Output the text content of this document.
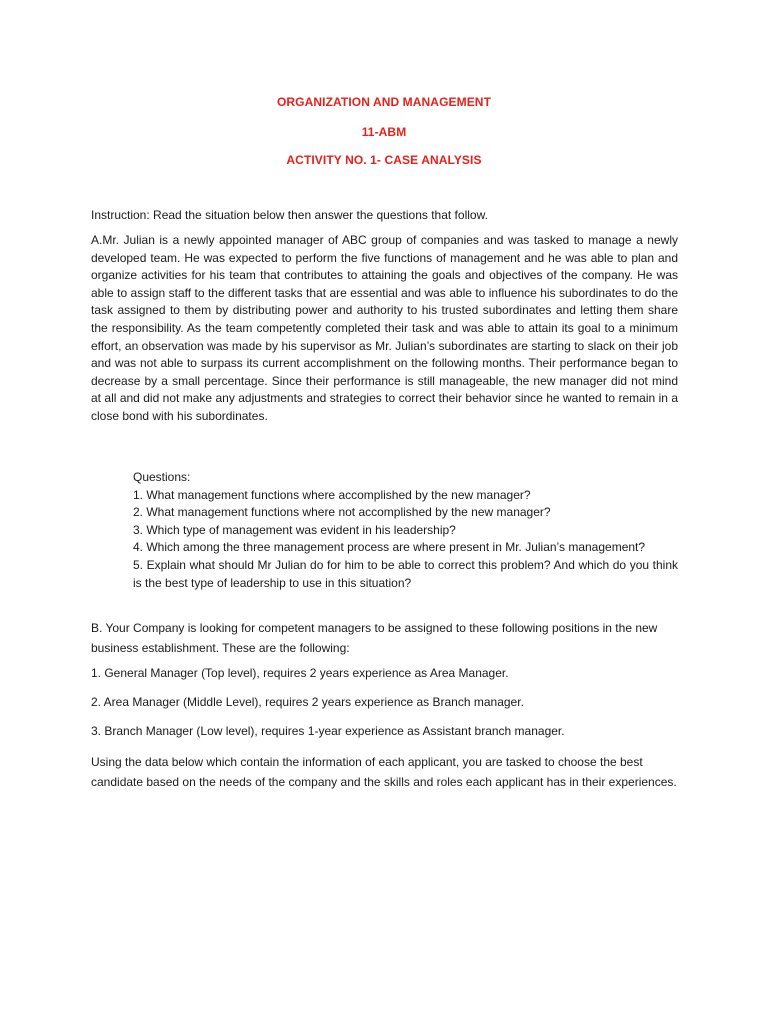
ORGANIZATION AND MANAGEMENT

11-ABM

ACTIVITY NO. 1- CASE ANALYSIS

Instruction: Read the situation below then answer the questions that follow.

A.Mr. Julian is a newly appointed manager of ABC group of companies and was tasked to manage a newly developed team. He was expected to perform the five functions of management and he was able to plan and organize activities for his team that contributes to attaining the goals and objectives of the company. He was able to assign staff to the different tasks that are essential and was able to influence his subordinates to do the task assigned to them by distributing power and authority to his trusted subordinates and letting them share the responsibility. As the team competently completed their task and was able to attain its goal to a minimum effort, an observation was made by his supervisor as Mr. Julian’s subordinates are starting to slack on their job and was not able to surpass its current accomplishment on the following months. Their performance began to decrease by a small percentage. Since their performance is still manageable, the new manager did not mind at all and did not make any adjustments and strategies to correct their behavior since he wanted to remain in a close bond with his subordinates.

Questions:
1. What management functions where accomplished by the new manager?
2. What management functions where not accomplished by the new manager?
3. Which type of management was evident in his leadership?
4. Which among the three management process are where present in Mr. Julian’s management?
5. Explain what should Mr Julian do for him to be able to correct this problem? And which do you think is the best type of leadership to use in this situation?

B. Your Company is looking for competent managers to be assigned to these following positions in the new business establishment. These are the following:

1. General Manager (Top level), requires 2 years experience as Area Manager.

2. Area Manager (Middle Level), requires 2 years experience as Branch manager.

3. Branch Manager (Low level), requires 1-year experience as Assistant branch manager.

Using the data below which contain the information of each applicant, you are tasked to choose the best candidate based on the needs of the company and the skills and roles each applicant has in their experiences.
